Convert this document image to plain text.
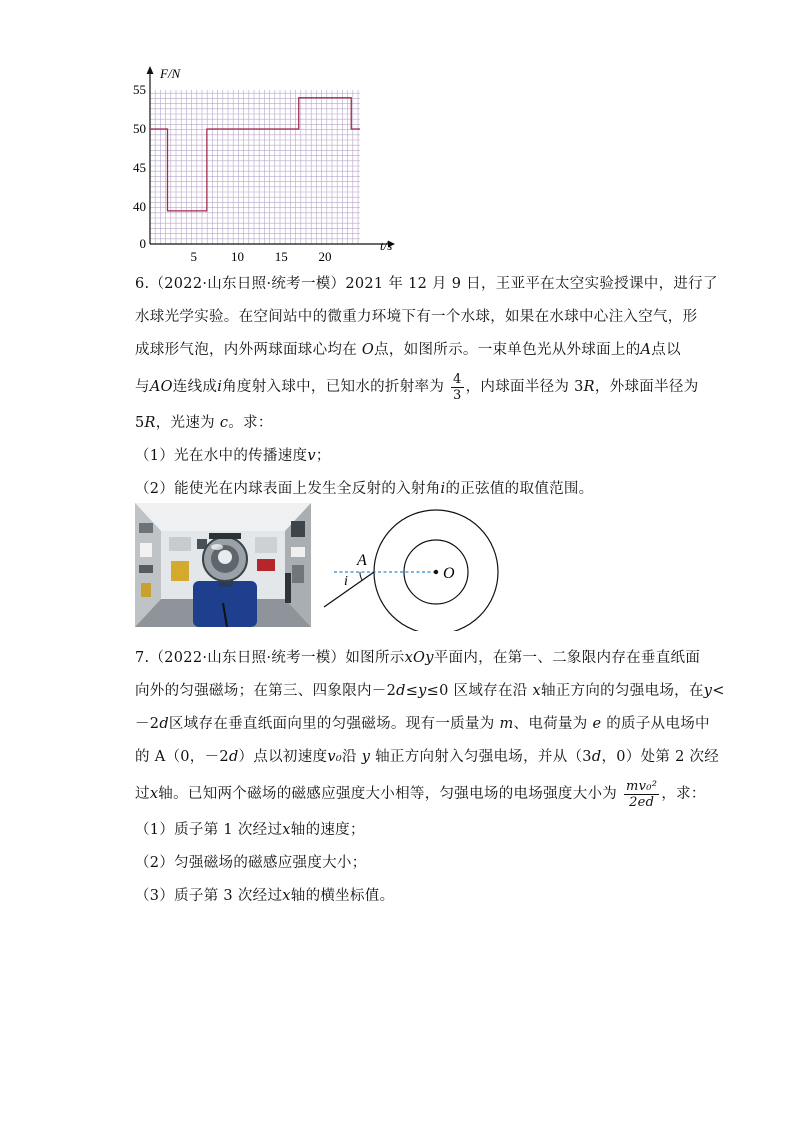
F/N
t/s
55
50
45
40
0
5	10 15 20
6.（2022·山东日照·统考一模）2021 年 12 月 9 日，王亚平在太空实验授课中，进行了
水球光学实验。在空间站中的微重力环境下有一个水球，如果在水球中心注入空气，形
成球形气泡，内外两球面球心均在 O点，如图所示。一束单色光从外球面上的A点以
与AO连线成i角度射入球中，已知水的折射率为 $\frac{4}{3}$ ，内球面半径为 3R，外球面半径为
5R，光速为 c。求：
（1）光在水中的传播速度v；
（2）能使光在内球表面上发生全反射的入射角i的正弦值的取值范围。
A
i	O
7.（2022·山东日照·统考一模）如图所示xOy平面内，在第一、二象限内存在垂直纸面
向外的匀强磁场；在第三、四象限内－2d≤y≤0 区域存在沿 x轴正方向的匀强电场，在y<
－2d区域存在垂直纸面向里的匀强磁场。现有一质量为 m、电荷量为 e 的质子从电场中
的 A（0，－2d）点以初速度v₀沿 y 轴正方向射入匀强电场，并从（3d，0）处第 2 次经
过x轴。已知两个磁场的磁感应强度大小相等，匀强电场的电场强度大小为 $\frac{\text{mv₀²}}{2ed}$ ，求：
（1）质子第 1 次经过x轴的速度；
（2）匀强磁场的磁感应强度大小；
（3）质子第 3 次经过x轴的横坐标值。
